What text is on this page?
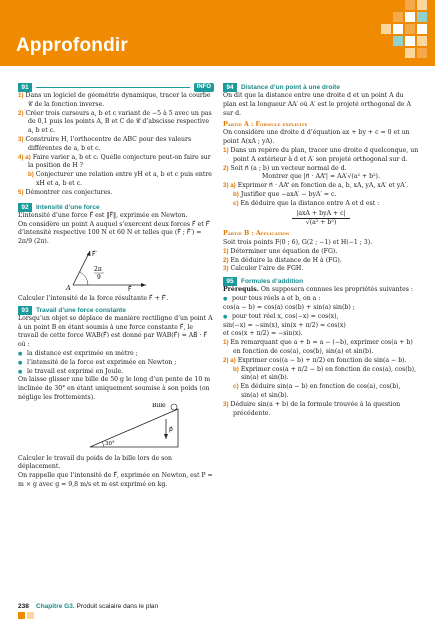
Approfondir
91	INFO

1) Dans un logiciel de géométrie dynamique, tracer la courbe 𝒞 de la fonction inverse.

2) Créer trois curseurs a, b et c variant de −5 à 5 avec un pas de 0,1 puis les points A, B et C de 𝒞 d’abscisse respective a, b et c.

3) Construire H, l’orthocentre de ABC pour des valeurs différentes de a, b et c.

4) a) Faire varier a, b et c. Quelle conjecture peut-on faire sur la position de H ?

b) Conjecturer une relation entre yH et a, b et c puis entre xH et a, b et c.

5) Démontrer ces conjectures.

92	Intensité d’une force

L’intensité d’une force F⃗ est ‖F⃗‖, exprimée en Newton.

On considère un point A auquel s’exercent deux forces F⃗ et F⃗′ d’intensité respective 100 N et 60 N et telles que (F⃗ ; F⃗′) = 2π/9 (2π).

2π
9
A	F⃗
F⃗′

Calculer l’intensité de la force résultante F⃗ + F⃗′.

93	Travail d’une force constante

Lorsqu’un objet se déplace de manière rectiligne d’un point A à un point B en étant soumis à une force constante F⃗, le travail de cette force WAB(F⃗) est donné par WAB(F⃗) = AB⃗ · F⃗ où :

● la distance est exprimée en mètre ;

● l’intensité de la force est exprimée en Newton ;

● le travail est exprimé en Joule.

On laisse glisser une bille de 50 g le long d’un pente de 10 m inclinée de 30° en étant uniquement soumise à son poids (on néglige les frottements).

Bille
p⃗
30°

Calculer le travail du poids de la bille lors de son déplacement.

On rappelle que l’intensité de F⃗, exprimée en Newton, est P = m × g avec g ≈ 9,8 m/s et m est exprimé en kg.

94	Distance d’un point à une droite

On dit que la distance entre une droite d et un point A du plan est la longueur AA′ où A′ est le projeté orthogonal de A sur d.

Partie A : Formule explicite

On considère une droite d d’équation ax + by + c = 0 et un point A(xA ; yA).

1) Dans un repère du plan, tracer une droite d quelconque, un point A extérieur à d et A′ son projeté orthogonal sur d.

2) Soit n⃗ (a ; b) un vecteur normal de d.

Montrer que |n⃗ · AA′⃗| = AA′√(a² + b²).

3) a) Exprimer n⃗ · AA′⃗ en fonction de a, b, xA, yA, xA′ et yA′.

b) Justifier que −axA′ − byA′ = c.

c) En déduire que la distance entre A et d est :

|axA + byA + c|
√(a² + b²)

Partie B : Application

Soit trois points F(0 ; 6), G(2 ; −1) et H(−1 ; 3).

1) Déterminer une équation de (FG).

2) En déduire la distance de H à (FG).

3) Calculer l’aire de FGH.

95	Formules d’addition

Prérequis. On supposera connues les propriétés suivantes :

● pour tous réels a et b, on a :

cos(a − b) = cos(a) cos(b) + sin(a) sin(b) ;

● pour tout réel x, cos(−x) = cos(x),

sin(−x) = −sin(x), sin(x + π/2) = cos(x)

et cos(x + π/2) = −sin(x).

1) En remarquant que a + b = a − (−b), exprimer cos(a + b) en fonction de cos(a), cos(b), sin(a) et sin(b).

2) a) Exprimer cos((a − b) + π/2) en fonction de sin(a − b).

b) Exprimer cos(a + π/2 − b) en fonction de cos(a), cos(b), sin(a) et sin(b).

c) En déduire sin(a − b) en fonction de cos(a), cos(b), sin(a) et sin(b).

3) Déduire sin(a + b) de la formule trouvée à la question précédente.

238 Chapitre G3. Produit scalaire dans le plan
